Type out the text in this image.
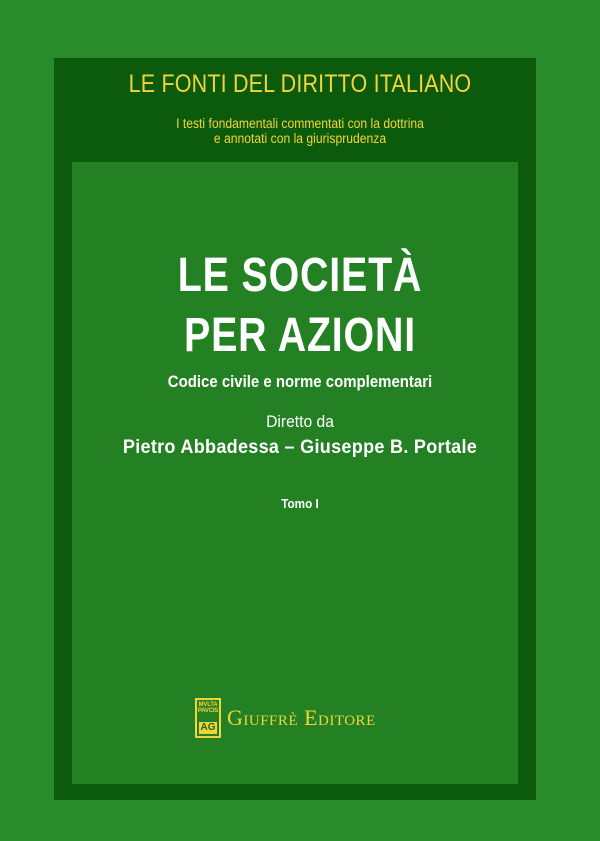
LE FONTI DEL DIRITTO ITALIANO
I testi fondamentali commentati con la dottrina
e annotati con la giurisprudenza
LE SOCIETÀ
PER AZIONI
Codice civile e norme complementari
Diretto da
Pietro Abbadessa – Giuseppe B. Portale
Tomo I
MVLTA PAVCIS
AG Giuffrè Editore
